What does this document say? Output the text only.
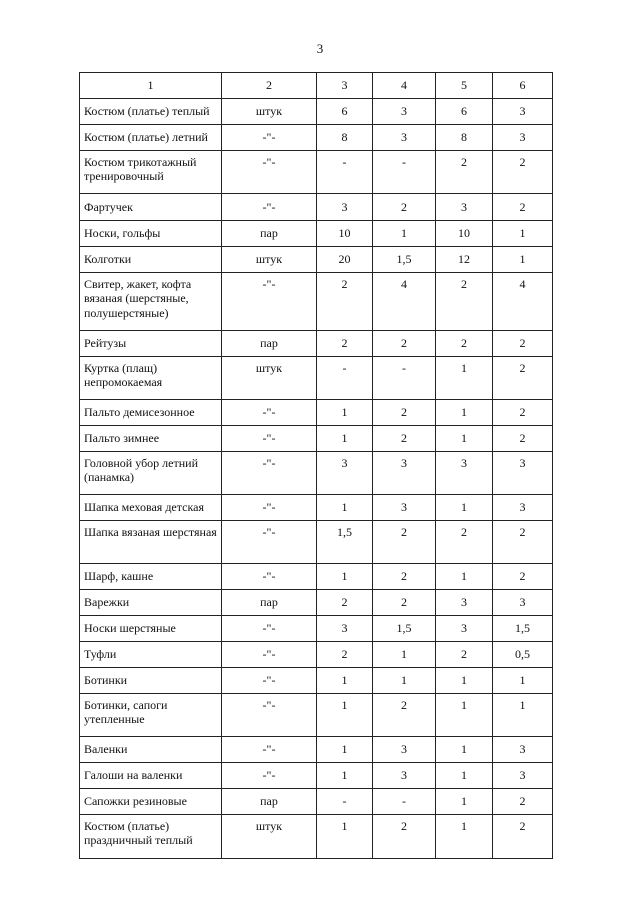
3
1	2	3	4	5	6
Костюм (платье) теплый	штук	6	3	6	3
Костюм (платье) летний	-"-	8	3	8	3
Костюм трикотажный тренировочный	-"-	-	-	2	2
Фартучек	-"-	3	2	3	2
Носки, гольфы	пар	10	1	10	1
Колготки	штук	20	1,5	12	1
Свитер, жакет, кофта вязаная (шерстяные, полушерстяные)	-"-	2	4	2	4
Рейтузы	пар	2	2	2	2
Куртка (плащ) непромокаемая	штук	-	-	1	2
Пальто демисезонное	-"-	1	2	1	2
Пальто зимнее	-"-	1	2	1	2
Головной убор летний (панамка)	-"-	3	3	3	3
Шапка меховая детская	-"-	1	3	1	3
Шапка вязаная шерстяная	-"-	1,5	2	2	2
Шарф, кашне	-"-	1	2	1	2
Варежки	пар	2	2	3	3
Носки шерстяные	-"-	3	1,5	3	1,5
Туфли	-"-	2	1	2	0,5
Ботинки	-"-	1	1	1	1
Ботинки, сапоги утепленные	-"-	1	2	1	1
Валенки	-"-	1	3	1	3
Галоши на валенки	-"-	1	3	1	3
Сапожки резиновые	пар	-	-	1	2
Костюм (платье) праздничный теплый	штук	1	2	1	2
